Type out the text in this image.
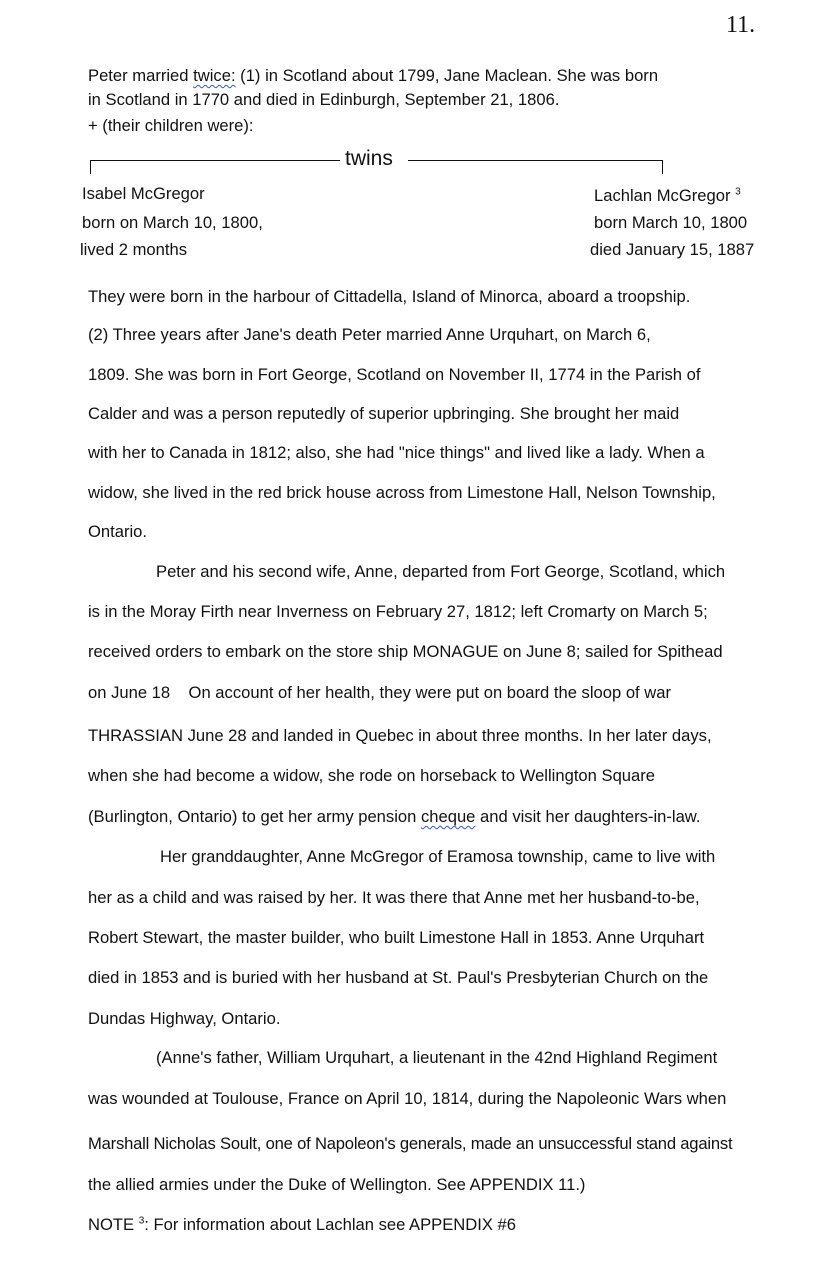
11.
Peter married twice: (1) in Scotland about 1799, Jane Maclean. She was born
in Scotland in 1770 and died in Edinburgh, September 21, 1806.
+ (their children were):
twins
Isabel McGregor
born on March 10, 1800,
lived 2 months
Lachlan McGregor $^3$
born March 10, 1800
died January 15, 1887
They were born in the harbour of Cittadella, Island of Minorca, aboard a troopship.
(2) Three years after Jane's death Peter married Anne Urquhart, on March 6,
1809. She was born in Fort George, Scotland on November II, 1774 in the Parish of
Calder and was a person reputedly of superior upbringing. She brought her maid
with her to Canada in 1812; also, she had "nice things" and lived like a lady. When a
widow, she lived in the red brick house across from Limestone Hall, Nelson Township,
Ontario.
Peter and his second wife, Anne, departed from Fort George, Scotland, which
is in the Moray Firth near Inverness on February 27, 1812; left Cromarty on March 5;
received orders to embark on the store ship MONAGUE on June 8; sailed for Spithead
on June 18    On account of her health, they were put on board the sloop of war
THRASSIAN June 28 and landed in Quebec in about three months. In her later days,
when she had become a widow, she rode on horseback to Wellington Square
(Burlington, Ontario) to get her army pension cheque and visit her daughters-in-law.
Her granddaughter, Anne McGregor of Eramosa township, came to live with
her as a child and was raised by her. It was there that Anne met her husband-to-be,
Robert Stewart, the master builder, who built Limestone Hall in 1853. Anne Urquhart
died in 1853 and is buried with her husband at St. Paul's Presbyterian Church on the
Dundas Highway, Ontario.
(Anne's father, William Urquhart, a lieutenant in the 42nd Highland Regiment
was wounded at Toulouse, France on April 10, 1814, during the Napoleonic Wars when
Marshall Nicholas Soult, one of Napoleon's generals, made an unsuccessful stand against
the allied armies under the Duke of Wellington. See APPENDIX 11.)
NOTE $^3$: For information about Lachlan see APPENDIX #6
